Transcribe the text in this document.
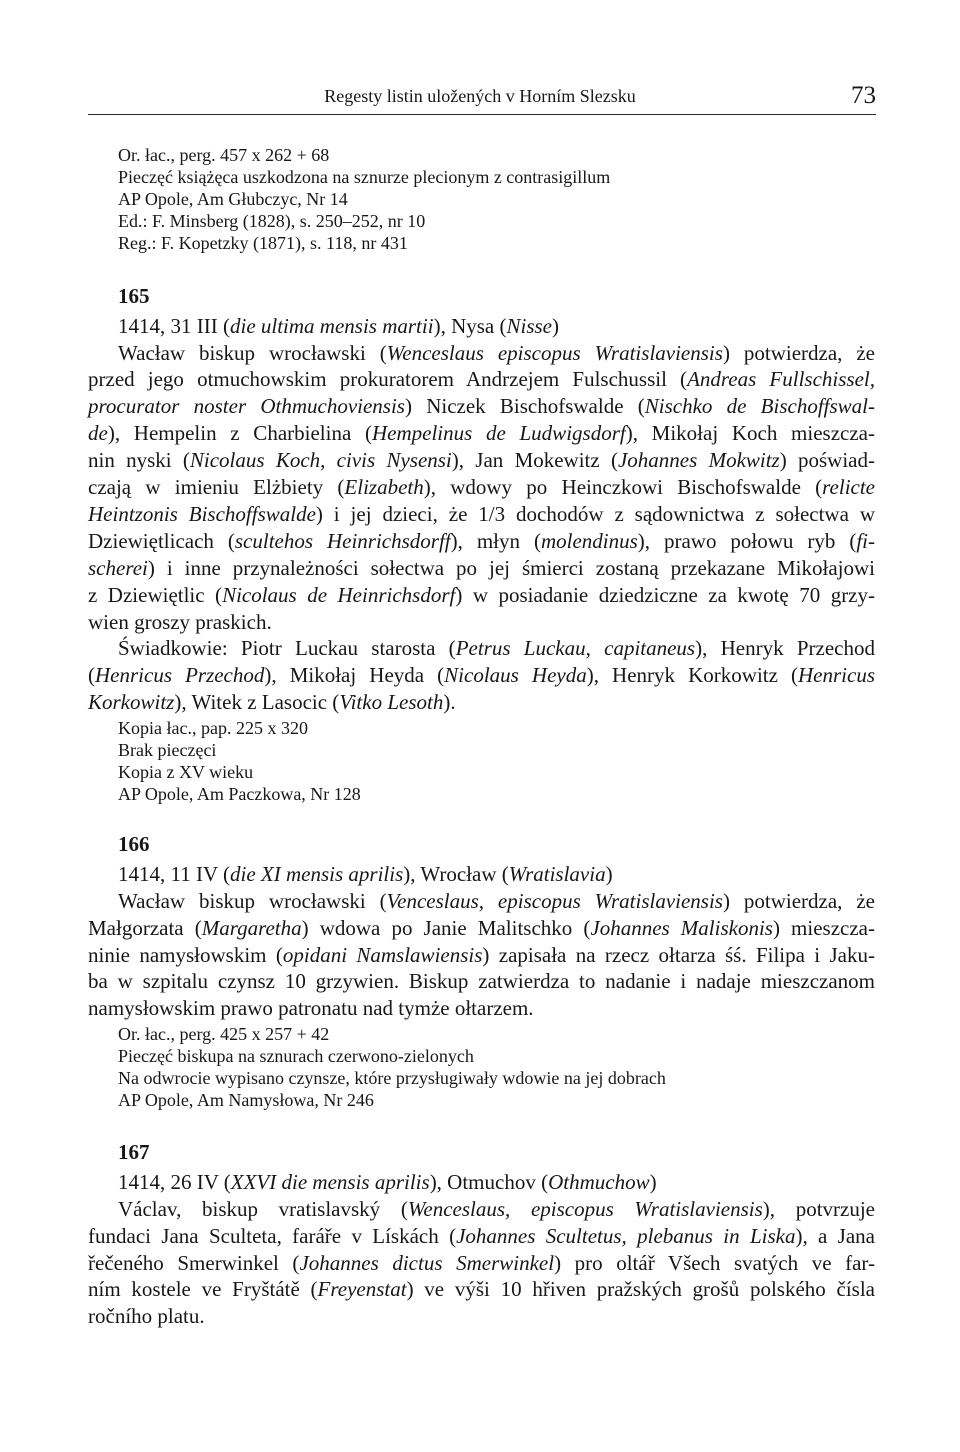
Regesty listin uložených v Horním Slezsku	73
Or. łac., perg. 457 x 262 + 68
Pieczęć książęca uszkodzona na sznurze plecionym z contrasigillum
AP Opole, Am Głubczyc, Nr 14
Ed.: F. Minsberg (1828), s. 250–252, nr 10
Reg.: F. Kopetzky (1871), s. 118, nr 431
165
1414, 31 III (die ultima mensis martii), Nysa (Nisse)
Wacław biskup wrocławski (Wenceslaus episcopus Wratislaviensis) potwierdza, że
przed jego otmuchowskim prokuratorem Andrzejem Fulschussil (Andreas Fullschissel,
procurator noster Othmuchoviensis) Niczek Bischofswalde (Nischko de Bischoffswal-
de), Hempelin z Charbielina (Hempelinus de Ludwigsdorf), Mikołaj Koch mieszcza-
nin nyski (Nicolaus Koch, civis Nysensi), Jan Mokewitz (Johannes Mokwitz) poświad-
czają w imieniu Elżbiety (Elizabeth), wdowy po Heinczkowi Bischofswalde (relicte
Heintzonis Bischoffswalde) i jej dzieci, że 1/3 dochodów z sądownictwa z sołectwa w
Dziewiętlicach (scultehos Heinrichsdorff), młyn (molendinus), prawo połowu ryb (fi-
scherei) i inne przynależności sołectwa po jej śmierci zostaną przekazane Mikołajowi
z Dziewiętlic (Nicolaus de Heinrichsdorf) w posiadanie dziedziczne za kwotę 70 grzy-
wien groszy praskich.
Świadkowie: Piotr Luckau starosta (Petrus Luckau, capitaneus), Henryk Przechod
(Henricus Przechod), Mikołaj Heyda (Nicolaus Heyda), Henryk Korkowitz (Henricus
Korkowitz), Witek z Lasocic (Vitko Lesoth).
Kopia łac., pap. 225 x 320
Brak pieczęci
Kopia z XV wieku
AP Opole, Am Paczkowa, Nr 128
166
1414, 11 IV (die XI mensis aprilis), Wrocław (Wratislavia)
Wacław biskup wrocławski (Venceslaus, episcopus Wratislaviensis) potwierdza, że
Małgorzata (Margaretha) wdowa po Janie Malitschko (Johannes Maliskonis) mieszcza-
ninie namysłowskim (opidani Namslawiensis) zapisała na rzecz ołtarza śś. Filipa i Jaku-
ba w szpitalu czynsz 10 grzywien. Biskup zatwierdza to nadanie i nadaje mieszczanom
namysłowskim prawo patronatu nad tymże ołtarzem.
Or. łac., perg. 425 x 257 + 42
Pieczęć biskupa na sznurach czerwono-zielonych
Na odwrocie wypisano czynsze, które przysługiwały wdowie na jej dobrach
AP Opole, Am Namysłowa, Nr 246
167
1414, 26 IV (XXVI die mensis aprilis), Otmuchov (Othmuchow)
Václav, biskup vratislavský (Wenceslaus, episcopus Wratislaviensis), potvrzuje
fundaci Jana Sculteta, faráře v Lískách (Johannes Scultetus, plebanus in Liska), a Jana
řečeného Smerwinkel (Johannes dictus Smerwinkel) pro oltář Všech svatých ve far-
ním kostele ve Fryštátě (Freyenstat) ve výši 10 hřiven pražských grošů polského čísla
ročního platu.
